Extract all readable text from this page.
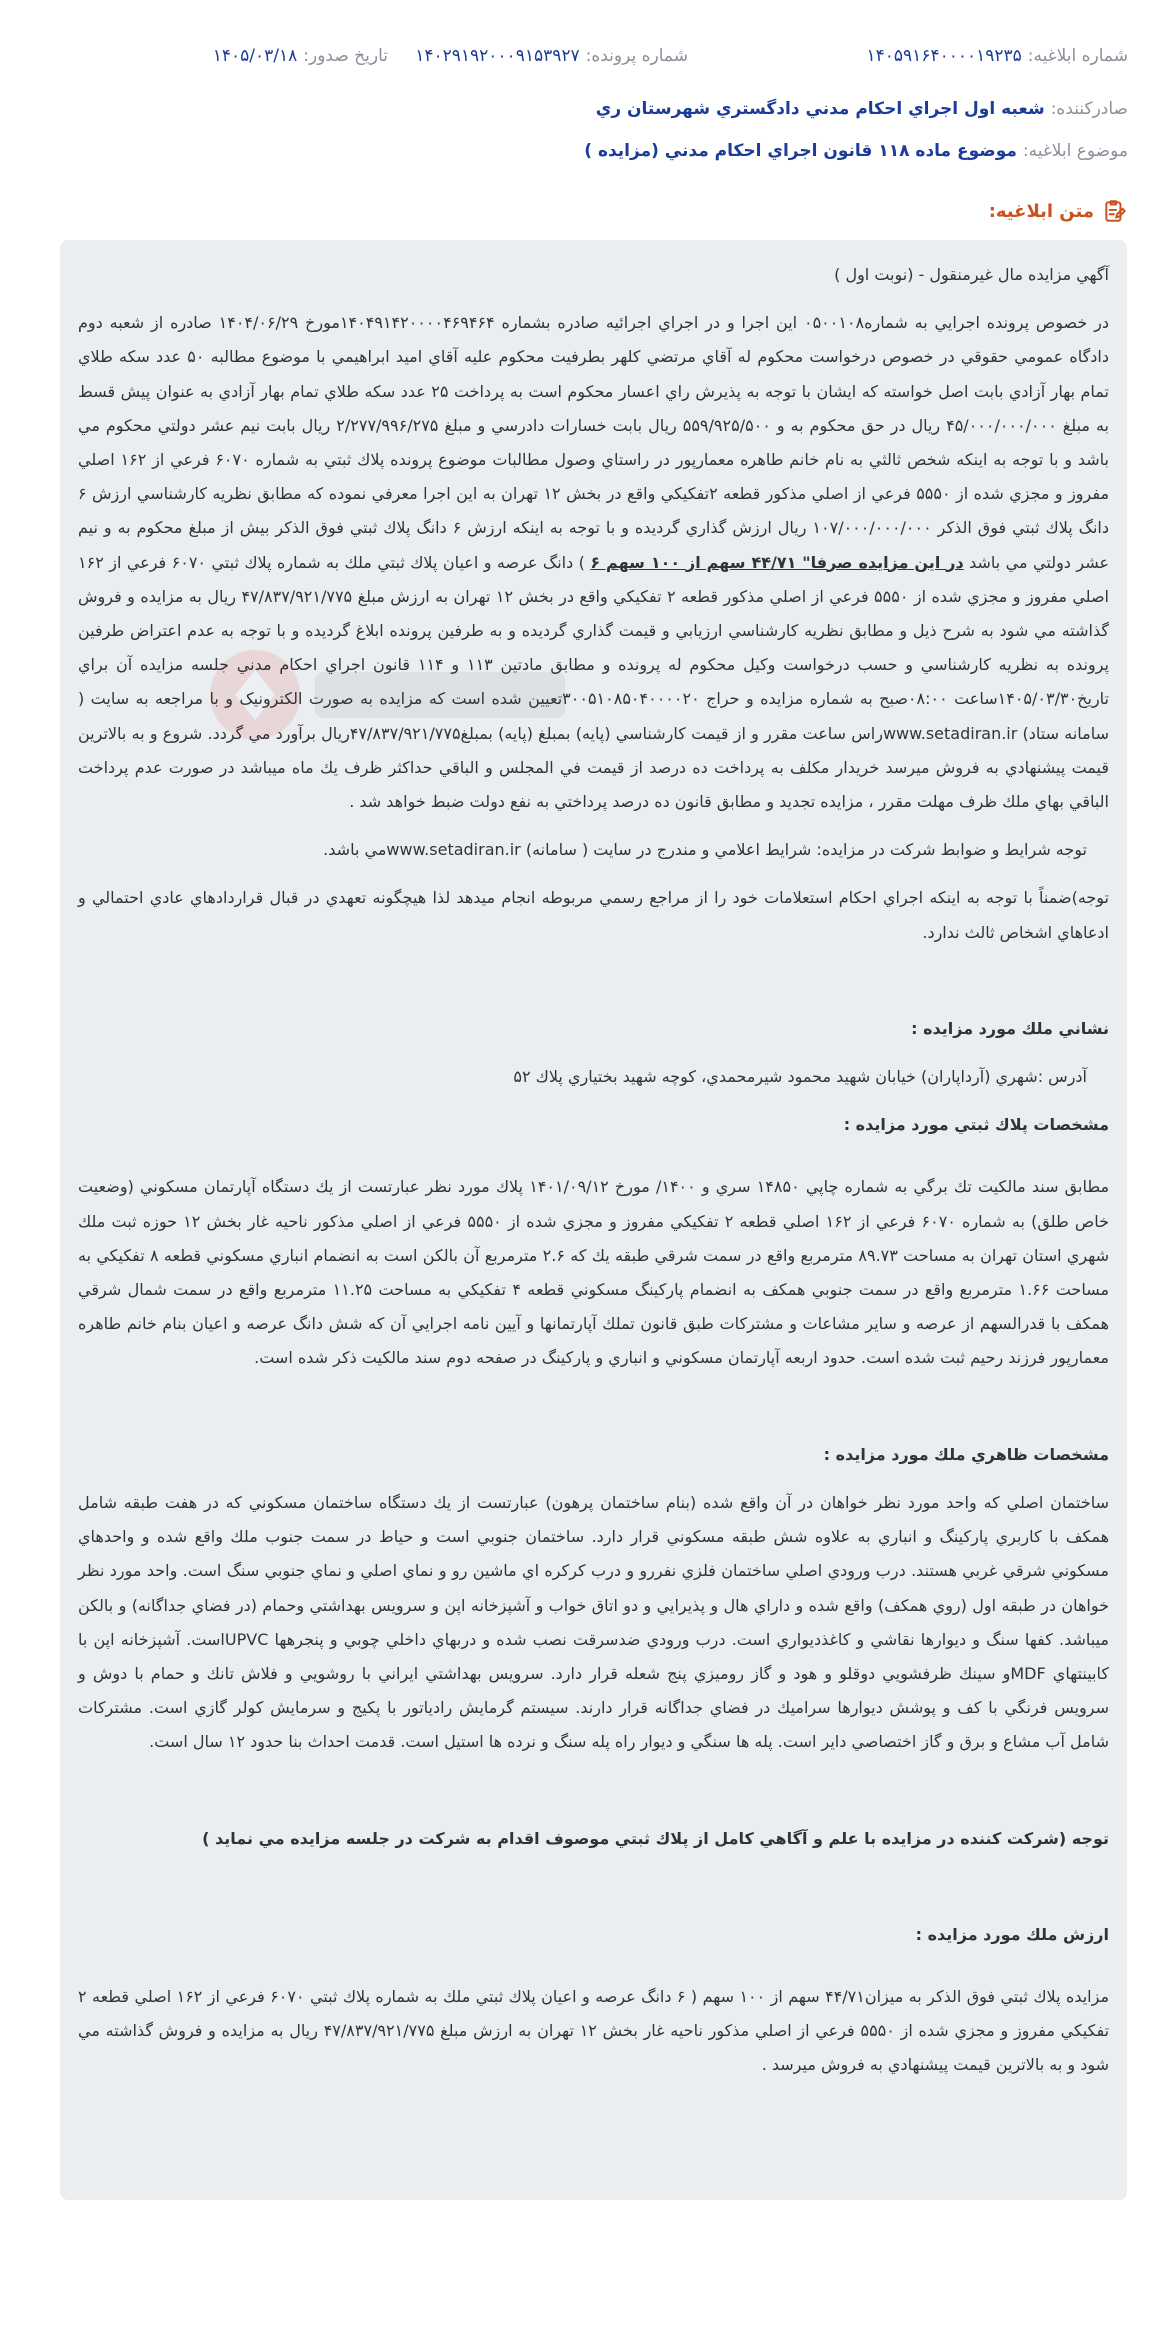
شماره ابلاغیه:
۱۴۰۵۹۱۶۴۰۰۰۰۱۹۲۳۵
شماره پرونده:
۱۴۰۲۹۱۹۲۰۰۰۹۱۵۳۹۲۷
تاریخ صدور:
۱۴۰۵/۰۳/۱۸
صادرکننده:
شعبه اول اجراي احكام مدني دادگستري شهرستان ري
موضوع ابلاغیه:
موضوع ماده ۱۱۸ قانون اجراي احكام مدني (مزايده )
متن ابلاغیه:

آگهي مزايده مال غيرمنقول - (نوبت اول )

در خصوص پرونده اجرايي به شماره۰۵۰۰۱۰۸ اين اجرا و در اجراي اجرائيه صادره بشماره ۱۴۰۴۹۱۴۲۰۰۰۰۴۶۹۴۶۴مورخ ۱۴۰۴/۰۶/۲۹ صادره از شعبه دوم دادگاه عمومي حقوقي در خصوص درخواست محكوم له آقاي مرتضي كلهر بطرفيت محكوم عليه آقاي اميد ابراهيمي با موضوع مطالبه ۵۰ عدد سكه طلاي تمام بهار آزادي بابت اصل خواسته كه ايشان با توجه به پذيرش راي اعسار محكوم است به پرداخت ۲۵ عدد سكه طلاي تمام بهار آزادي به عنوان پيش قسط به مبلغ ۴۵/۰۰۰/۰۰۰/۰۰۰ ريال در حق محكوم به و ۵۵۹/۹۲۵/۵۰۰ ريال بابت خسارات دادرسي و مبلغ ۲/۲۷۷/۹۹۶/۲۷۵ ريال بابت نيم عشر دولتي محكوم مي باشد و با توجه به اينكه شخص ثالثي به نام خانم طاهره معمارپور در راستاي وصول مطالبات موضوع پرونده پلاك ثبتي به شماره ۶۰۷۰ فرعي از ۱۶۲ اصلي مفروز و مجزي شده از ۵۵۵۰ فرعي از اصلي مذكور قطعه ۲تفكيكي واقع در بخش ۱۲ تهران به اين اجرا معرفي نموده كه مطابق نظريه كارشناسي ارزش ۶ دانگ پلاك ثبتي فوق الذكر ۱۰۷/۰۰۰/۰۰۰/۰۰۰ ريال ارزش گذاري گرديده و با توجه به اينكه ارزش ۶ دانگ پلاك ثبتي فوق الذكر بيش از مبلغ محكوم به و نيم عشر دولتي مي باشد در اين مزايده صرفا" ۴۴/۷۱ سهم از ۱۰۰ سهم ۶ ) دانگ عرصه و اعيان پلاك ثبتي ملك به شماره پلاك ثبتي ۶۰۷۰ فرعي از ۱۶۲ اصلي مفروز و مجزي شده از ۵۵۵۰ فرعي از اصلي مذكور قطعه ۲ تفكيكي واقع در بخش ۱۲ تهران به ارزش مبلغ ۴۷/۸۳۷/۹۲۱/۷۷۵ ريال به مزايده و فروش گذاشته مي شود به شرح ذيل و مطابق نظريه كارشناسي ارزيابي و قيمت گذاري گرديده و به طرفين پرونده ابلاغ گرديده و با توجه به عدم اعتراض طرفين پرونده به نظريه كارشناسي و حسب درخواست وكيل محكوم له پرونده و مطابق مادتين ۱۱۳ و ۱۱۴ قانون اجراي احكام مدني جلسه مزايده آن براي تاريخ۱۴۰۵/۰۳/۳۰ساعت ۰۸:۰۰صبح به شماره مزايده و حراج ۳۰۰۵۱۰۸۵۰۴۰۰۰۰۲۰تعيين شده است كه مزايده به صورت الكترونيک و با مراجعه به سايت ( سامانه ستاد) www.setadiran.irراس ساعت مقرر و از قيمت كارشناسي (پايه) بمبلغ (پايه) بمبلغ۴۷/۸۳۷/۹۲۱/۷۷۵ريال برآورد مي گردد. شروع و به بالاترين قيمت پيشنهادي به فروش ميرسد خريدار مكلف به پرداخت ده درصد از قيمت في المجلس و الباقي حداكثر ظرف يك ماه ميباشد در صورت عدم پرداخت الباقي بهاي ملك ظرف مهلت مقرر ، مزايده تجديد و مطابق قانون ده درصد پرداختي به نفع دولت ضبط خواهد شد .

توجه شرايط و ضوابط شركت در مزايده: شرايط اعلامي و مندرج در سايت ( سامانه) www.setadiran.irمي باشد.

توجه)ضمناً با توجه به اينكه اجراي احكام استعلامات خود را از مراجع رسمي مربوطه انجام ميدهد لذا هيچگونه تعهدي در قبال قراردادهاي عادي احتمالي و ادعاهاي اشخاص ثالث ندارد.

نشاني ملك مورد مزايده :

آدرس :شهري (آرداپاران) خيابان شهيد محمود شيرمحمدي، كوچه شهيد بختياري پلاك ۵۲

مشخصات پلاك ثبتي مورد مزايده :

مطابق سند مالكيت تك برگي به شماره چاپي ۱۴۸۵۰ سري و ۱۴۰۰/ مورخ ۱۴۰۱/۰۹/۱۲ پلاك مورد نظر عبارتست از يك دستگاه آپارتمان مسكوني (وضعيت خاص طلق) به شماره ۶۰۷۰ فرعي از ۱۶۲ اصلي قطعه ۲ تفكيكي مفروز و مجزي شده از ۵۵۵۰ فرعي از اصلي مذكور ناحيه غار بخش ۱۲ حوزه ثبت ملك شهري استان تهران به مساحت ۸۹.۷۳ مترمربع واقع در سمت شرقي طبقه يك كه ۲.۶ مترمربع آن بالكن است به انضمام انباري مسكوني قطعه ۸ تفكيكي به مساحت ۱.۶۶ مترمربع واقع در سمت جنوبي همكف به انضمام پاركينگ مسكوني قطعه ۴ تفكيكي به مساحت ۱۱.۲۵ مترمربع واقع در سمت شمال شرقي همكف با قدرالسهم از عرصه و ساير مشاعات و مشتركات طبق قانون تملك آپارتمانها و آيين نامه اجرايي آن كه شش دانگ عرصه و اعيان بنام خانم طاهره معمارپور فرزند رحيم ثبت شده است. حدود اربعه آپارتمان مسكوني و انباري و پاركينگ در صفحه دوم سند مالكيت ذكر شده است.

مشخصات ظاهري ملك مورد مزايده :

ساختمان اصلي كه واحد مورد نظر خواهان در آن واقع شده (بنام ساختمان پرهون) عبارتست از يك دستگاه ساختمان مسكوني كه در هفت طبقه شامل همكف با كاربري پاركينگ و انباري به علاوه شش طبقه مسكوني قرار دارد. ساختمان جنوبي است و حياط در سمت جنوب ملك واقع شده و واحدهاي مسكوني شرقي غربي هستند. درب ورودي اصلي ساختمان فلزي نفررو و درب كركره اي ماشين رو و نماي اصلي و نماي جنوبي سنگ است. واحد مورد نظر خواهان در طبقه اول (روي همكف) واقع شده و داراي هال و پذيرايي و دو اتاق خواب و آشپزخانه اپن و سرويس بهداشتي وحمام (در فضاي جداگانه) و بالكن ميباشد. كفها سنگ و ديوارها نقاشي و كاغذديواري است. درب ورودي ضدسرقت نصب شده و دربهاي داخلي چوبي و پنجرهها UPVCاست. آشپزخانه اپن با كابينتهاي MDFو سينك ظرفشويي دوقلو و هود و گاز روميزي پنج شعله قرار دارد. سرويس بهداشتي ايراني با روشويي و فلاش تانك و حمام با دوش و سرويس فرنگي با كف و پوشش ديوارها سراميك در فضاي جداگانه قرار دارند. سيستم گرمايش رادياتور با پكيج و سرمايش كولر گازي است. مشتركات شامل آب مشاع و برق و گاز اختصاصي داير است. پله ها سنگي و ديوار راه پله سنگ و نرده ها استيل است. قدمت احداث بنا حدود ۱۲ سال است.

توجه (شركت كننده در مزايده با علم و آگاهي كامل از پلاك ثبتي موصوف اقدام به شركت در جلسه مزايده مي نمايد )

ارزش ملك مورد مزايده :

مزايده پلاك ثبتي فوق الذكر به ميزان۴۴/۷۱ سهم از ۱۰۰ سهم ( ۶ دانگ عرصه و اعيان پلاك ثبتي ملك به شماره پلاك ثبتي ۶۰۷۰ فرعي از ۱۶۲ اصلي قطعه ۲ تفكيكي مفروز و مجزي شده از ۵۵۵۰ فرعي از اصلي مذكور ناحيه غار بخش ۱۲ تهران به ارزش مبلغ ۴۷/۸۳۷/۹۲۱/۷۷۵ ريال به مزايده و فروش گذاشته مي شود و به بالاترين قيمت پيشنهادي به فروش ميرسد .
